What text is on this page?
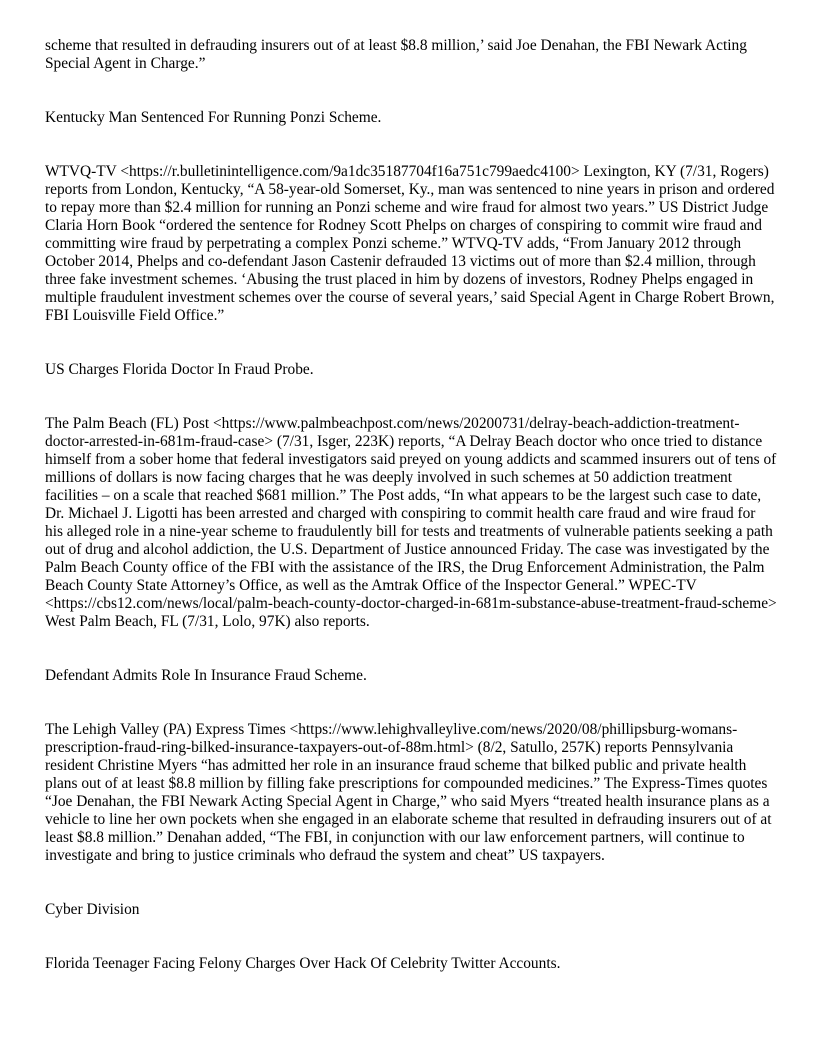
scheme that resulted in defrauding insurers out of at least $8.8 million,’ said Joe Denahan, the FBI Newark Acting Special Agent in Charge.”

Kentucky Man Sentenced For Running Ponzi Scheme.

WTVQ-TV <https://r.bulletinintelligence.com/9a1dc35187704f16a751c799aedc4100> Lexington, KY (7/31, Rogers) reports from London, Kentucky, “A 58-year-old Somerset, Ky., man was sentenced to nine years in prison and ordered to repay more than $2.4 million for running an Ponzi scheme and wire fraud for almost two years.” US District Judge Claria Horn Book “ordered the sentence for Rodney Scott Phelps on charges of conspiring to commit wire fraud and committing wire fraud by perpetrating a complex Ponzi scheme.” WTVQ-TV adds, “From January 2012 through October 2014, Phelps and co-defendant Jason Castenir defrauded 13 victims out of more than $2.4 million, through three fake investment schemes. ‘Abusing the trust placed in him by dozens of investors, Rodney Phelps engaged in multiple fraudulent investment schemes over the course of several years,’ said Special Agent in Charge Robert Brown, FBI Louisville Field Office.”

US Charges Florida Doctor In Fraud Probe.

The Palm Beach (FL) Post <https://www.palmbeachpost.com/news/20200731/delray-beach-addiction-treatment-doctor-arrested-in-681m-fraud-case> (7/31, Isger, 223K) reports, “A Delray Beach doctor who once tried to distance himself from a sober home that federal investigators said preyed on young addicts and scammed insurers out of tens of millions of dollars is now facing charges that he was deeply involved in such schemes at 50 addiction treatment facilities – on a scale that reached $681 million.” The Post adds, “In what appears to be the largest such case to date, Dr. Michael J. Ligotti has been arrested and charged with conspiring to commit health care fraud and wire fraud for his alleged role in a nine-year scheme to fraudulently bill for tests and treatments of vulnerable patients seeking a path out of drug and alcohol addiction, the U.S. Department of Justice announced Friday. The case was investigated by the Palm Beach County office of the FBI with the assistance of the IRS, the Drug Enforcement Administration, the Palm Beach County State Attorney’s Office, as well as the Amtrak Office of the Inspector General.” WPEC-TV <https://cbs12.com/news/local/palm-beach-county-doctor-charged-in-681m-substance-abuse-treatment-fraud-scheme> West Palm Beach, FL (7/31, Lolo, 97K) also reports.

Defendant Admits Role In Insurance Fraud Scheme.

The Lehigh Valley (PA) Express Times <https://www.lehighvalleylive.com/news/2020/08/phillipsburg-womans-prescription-fraud-ring-bilked-insurance-taxpayers-out-of-88m.html> (8/2, Satullo, 257K) reports Pennsylvania resident Christine Myers “has admitted her role in an insurance fraud scheme that bilked public and private health plans out of at least $8.8 million by filling fake prescriptions for compounded medicines.” The Express-Times quotes “Joe Denahan, the FBI Newark Acting Special Agent in Charge,” who said Myers “treated health insurance plans as a vehicle to line her own pockets when she engaged in an elaborate scheme that resulted in defrauding insurers out of at least $8.8 million.” Denahan added, “The FBI, in conjunction with our law enforcement partners, will continue to investigate and bring to justice criminals who defraud the system and cheat” US taxpayers.

Cyber Division

Florida Teenager Facing Felony Charges Over Hack Of Celebrity Twitter Accounts.
